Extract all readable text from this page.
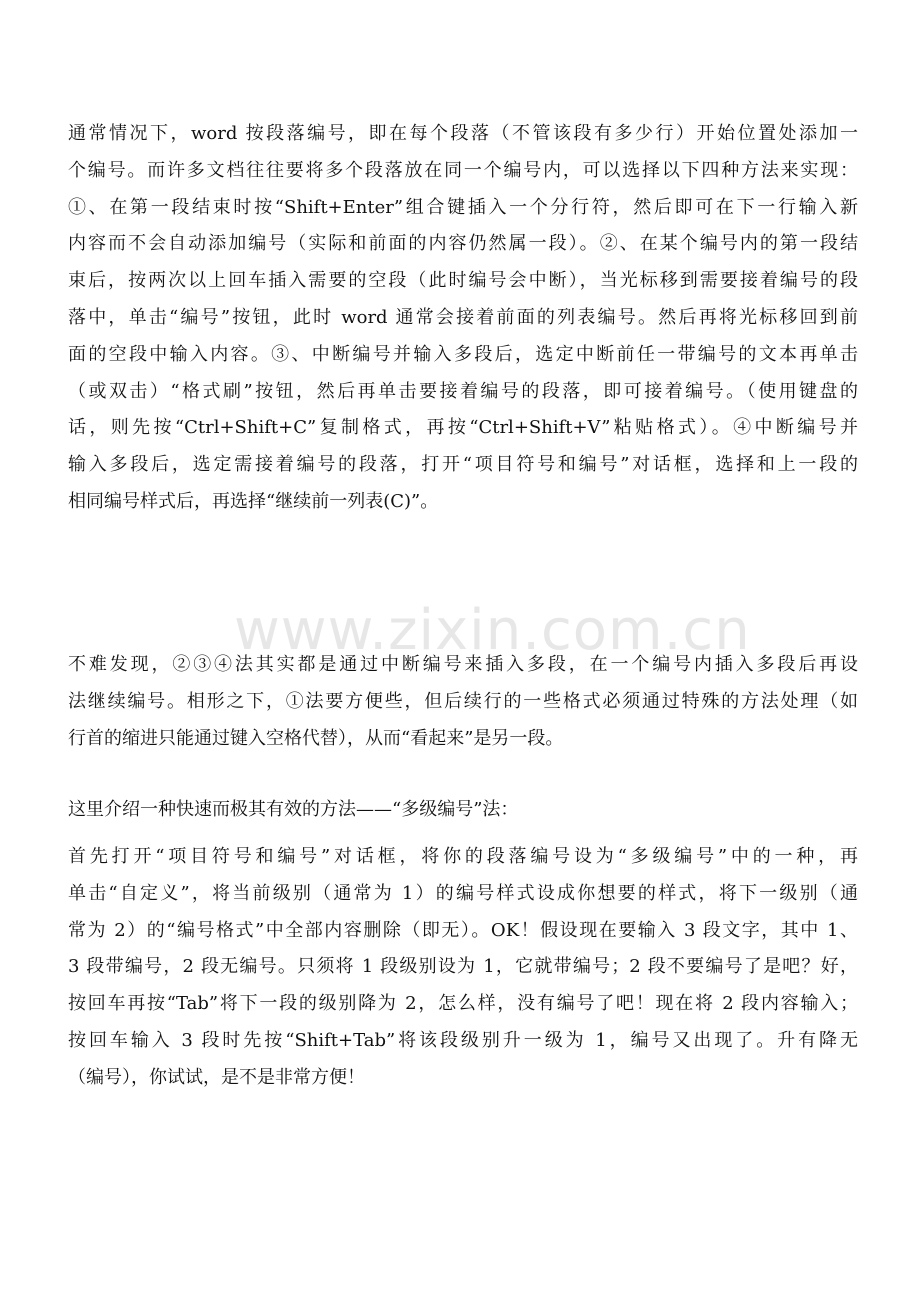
www.zixin.com.cn
通常情况下，word 按段落编号，即在每个段落（不管该段有多少行）开始位置处添加一
个编号。而许多文档往往要将多个段落放在同一个编号内，可以选择以下四种方法来实现：
①、在第一段结束时按“Shift+Enter”组合键插入一个分行符，然后即可在下一行输入新
内容而不会自动添加编号（实际和前面的内容仍然属一段）。②、在某个编号内的第一段结
束后，按两次以上回车插入需要的空段（此时编号会中断），当光标移到需要接着编号的段
落中，单击“编号”按钮，此时 word 通常会接着前面的列表编号。然后再将光标移回到前
面的空段中输入内容。③、中断编号并输入多段后，选定中断前任一带编号的文本再单击
（或双击）“格式刷”按钮，然后再单击要接着编号的段落，即可接着编号。（使用键盘的
话，则先按“Ctrl+Shift+C”复制格式，再按“Ctrl+Shift+V”粘贴格式）。④中断编号并
输入多段后，选定需接着编号的段落，打开“项目符号和编号”对话框，选择和上一段的
相同编号样式后，再选择“继续前一列表(C)”。
不难发现，②③④法其实都是通过中断编号来插入多段，在一个编号内插入多段后再设
法继续编号。相形之下，①法要方便些，但后续行的一些格式必须通过特殊的方法处理（如
行首的缩进只能通过键入空格代替），从而“看起来”是另一段。
这里介绍一种快速而极其有效的方法——“多级编号”法：
首先打开“项目符号和编号”对话框，将你的段落编号设为“多级编号”中的一种，再
单击“自定义”，将当前级别（通常为 1）的编号样式设成你想要的样式，将下一级别（通
常为 2）的“编号格式”中全部内容删除（即无）。OK！假设现在要输入 3 段文字，其中 1、
3 段带编号，2 段无编号。只须将 1 段级别设为 1，它就带编号；2 段不要编号了是吧？好，
按回车再按“Tab”将下一段的级别降为 2，怎么样，没有编号了吧！现在将 2 段内容输入；
按回车输入 3 段时先按“Shift+Tab”将该段级别升一级为 1，编号又出现了。升有降无
（编号），你试试，是不是非常方便！
